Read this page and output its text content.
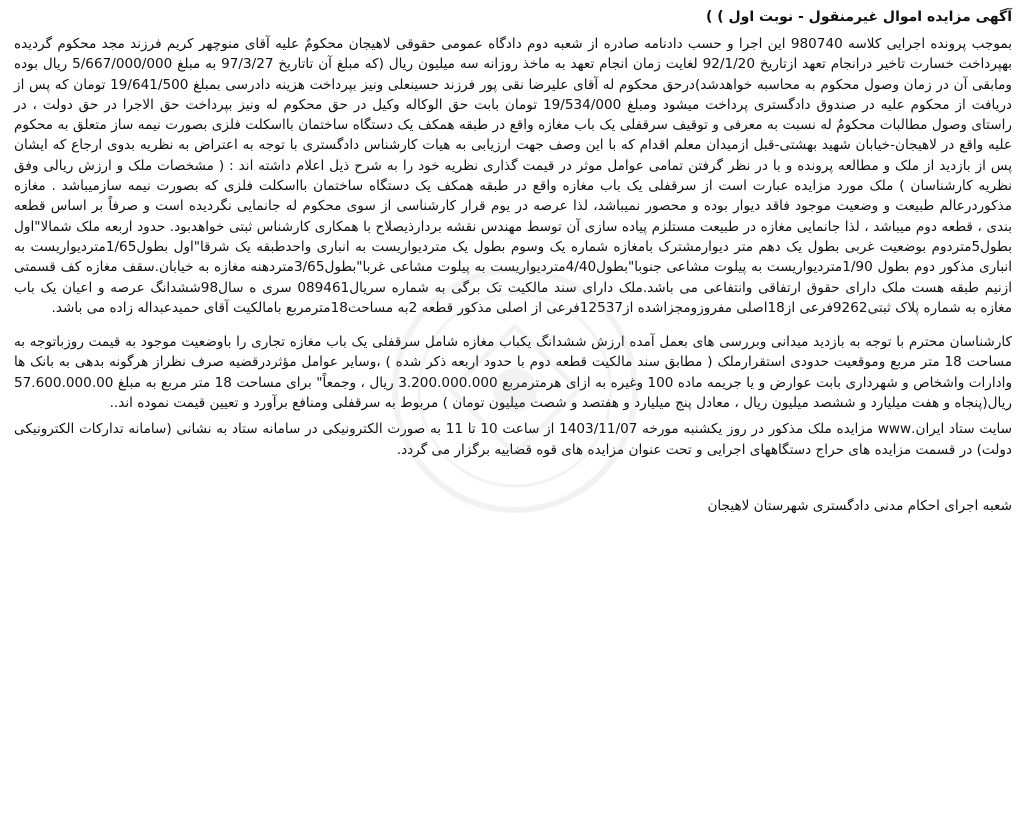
آگهی مزایده اموال غیرمنقول - نوبت اول ) )

بموجب پرونده اجرایی کلاسه 980740 این اجرا و حسب دادنامه صادره از شعبه دوم دادگاه عمومی حقوقی لاهیجان محکومٌ علیه آقای منوچهر کریم فرزند مجد محکوم گردیده بهپرداخت خسارت تاخیر درانجام تعهد ازتاریخ 92/1/20 لغایت زمان انجام تعهد به ماخذ روزانه سه میلیون ریال (که مبلغ آن تاتاریخ 97/3/27 به مبلغ 5/667/000/000 ریال بوده ومابقی آن در زمان وصول محکوم به محاسبه خواهدشد)درحق محکوم له آقای علیرضا نقی پور فرزند حسینعلی ونیز بپرداخت هزینه دادرسی بمبلغ 19/641/500 تومان که پس از دریافت از محکوم علیه در صندوق دادگستری پرداخت میشود ومبلغ 19/534/000 تومان بابت حق الوکاله وکیل در حق محکوم له ونیز بپرداخت حق الاجرا در حق دولت ، در راستای وصول مطالبات محکومٌ له نسبت به معرفی و توقیف سرقفلی یک باب مغازه واقع در طبقه همکف یک دستگاه ساختمان بااسکلت فلزی بصورت نیمه ساز متعلق به محکوم علیه واقع در لاهیجان-خیابان شهید بهشتی-قبل ازمیدان معلم اقدام که با این وصف جهت ارزیابی به هیات کارشناس دادگستری با توجه به اعتراض به نظریه بدوی ارجاع که ایشان پس از بازدید از ملک و مطالعه پرونده و با در نظر گرفتن تمامی عوامل موثر در قیمت گذاری نظریه خود را به شرح ذیل اعلام داشته اند : ( مشخصات ملک و ارزش ریالی وفق نظریه کارشناسان ) ملک مورد مزایده عبارت است از سرقفلی یک باب مغازه واقع در طبقه همکف یک دستگاه ساختمان بااسکلت فلزی که بصورت نیمه سازمیباشد . مغازه مذکوردرعالم طبیعت و وضعیت موجود فاقد دیوار بوده و محصور نمیباشد، لذا عرصه در یوم قرار کارشناسی از سوی محکوم له جانمایی نگردیده است و صرفاً بر اساس قطعه بندی ، قطعه دوم میباشد ، لذا جانمایی مغازه در طبیعت مستلزم پیاده سازی آن توسط مهندس نقشه بردارذیصلاح با همکاری کارشناس ثبتی خواهدبود. حدود اربعه ملک شمالا"اول بطول5متردوم بوضعیت غربی بطول یک دهم متر دیوارمشترک بامغازه شماره یک وسوم بطول یک متردیواریست به انباری واحدطبقه یک شرقا"اول بطول1/65متردیواریست به انباری مذکور دوم بطول 1/90متردیواریست به پیلوت مشاعی جنوبا"بطول4/40متردیواریست به پیلوت مشاعی غربا"بطول3/65متردهنه مغازه به خیابان.سقف مغازه کف قسمتی ازنیم طبقه هست ملک دارای حقوق ارتفاقی وانتفاعی می باشد.ملک دارای سند مالکیت تک برگی به شماره سریال089461 سری ه سال98ششدانگ عرصه و اعیان یک باب مغازه به شماره پلاک ثبتی9262فرعی از18اصلی مفروزومجزاشده از12537فرعی از اصلی مذکور قطعه 2به مساحت18مترمربع بامالکیت آقای حمیدعبداله زاده می باشد.

کارشناسان محترم با توجه به بازدید میدانی وبررسی های بعمل آمده ارزش ششدانگ یکباب مغازه شامل سرقفلی یک باب مغازه تجاری را باوضعیت موجود به قیمت روزباتوجه به مساحت 18 متر مربع وموقعیت حدودی استقرارملک ( مطابق سند مالکیت قطعه دوم با حدود اربعه ذکر شده ) ،وسایر عوامل مؤثردرقضیه صرف نظراز هرگونه بدهی به بانک ها وادارات واشخاص و شهرداری بابت عوارض و یا جریمه ماده 100 وغیره به ازای هرمترمربع 3.200.000.000 ریال ، وجمعاً" برای مساحت 18 متر مربع به مبلغ 57.600.000.00 ریال(پنجاه و هفت میلیارد و ششصد میلیون ریال ، معادل پنج میلیارد و هفتصد و شصت میلیون تومان ) مربوط به سرقفلی ومنافع برآورد و تعیین قیمت نموده اند..

سایت ستاد ایران.www مزایده ملک مذکور در روز یکشنبه مورخه 1403/11/07 از ساعت 10 تا 11 به صورت الکترونیکی در سامانه ستاد به نشانی (سامانه تدارکات الکترونیکی دولت) در قسمت مزایده های حراج دستگاههای اجرایی و تحت عنوان مزایده های قوه قضاییه برگزار می گردد.

شعبه اجرای احکام مدنی دادگستری شهرستان لاهیجان
